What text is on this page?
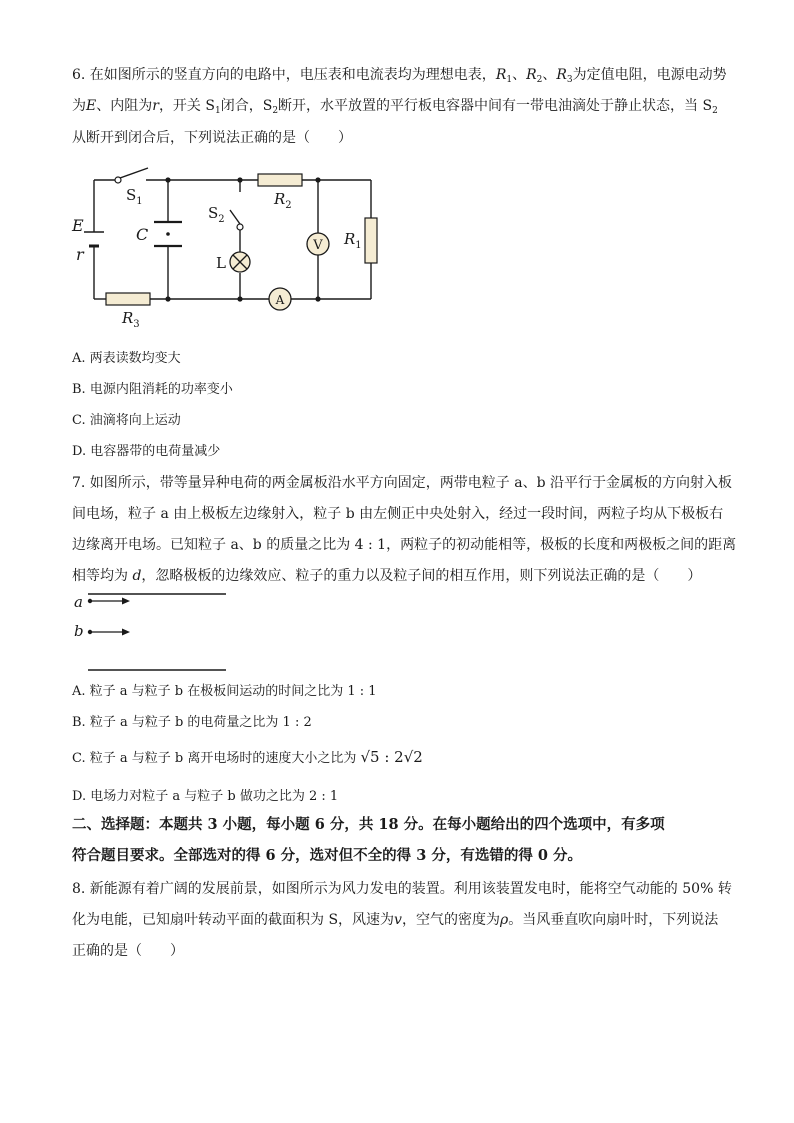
6. 在如图所示的竖直方向的电路中，电压表和电流表均为理想电表，$R_1$、$R_2$、$R_3$为定值电阻，电源电动势
为E、内阻为r，开关 $S_1$闭合，$S_2$断开，水平放置的平行板电容器中间有一带电油滴处于静止状态，当 $S_2$
从断开到闭合后，下列说法正确的是（　　）
V
A
$S_1$
$S_2$
$R_2$
$R_1$
$R_3$
E
r
C
L
A. 两表读数均变大
B. 电源内阻消耗的功率变小
C. 油滴将向上运动
D. 电容器带的电荷量减少
7. 如图所示，带等量异种电荷的两金属板沿水平方向固定，两带电粒子 a、b 沿平行于金属板的方向射入板
间电场，粒子 a 由上极板左边缘射入，粒子 b 由左侧正中央处射入，经过一段时间，两粒子均从下极板右
边缘离开电场。已知粒子 a、b 的质量之比为 4 : 1，两粒子的初动能相等，极板的长度和两极板之间的距离
相等均为 d，忽略极板的边缘效应、粒子的重力以及粒子间的相互作用，则下列说法正确的是（　　）
a
b
A. 粒子 a 与粒子 b 在极板间运动的时间之比为 1 : 1
B. 粒子 a 与粒子 b 的电荷量之比为 1 : 2
C. 粒子 a 与粒子 b 离开电场时的速度大小之比为 √5 : 2√2
D. 电场力对粒子 a 与粒子 b 做功之比为 2 : 1
二、选择题：本题共 3 小题，每小题 6 分，共 18 分。在每小题给出的四个选项中，有多项
符合题目要求。全部选对的得 6 分，选对但不全的得 3 分，有选错的得 0 分。
8. 新能源有着广阔的发展前景，如图所示为风力发电的装置。利用该装置发电时，能将空气动能的 50% 转
化为电能，已知扇叶转动平面的截面积为 S，风速为v，空气的密度为ρ。当风垂直吹向扇叶时，下列说法
正确的是（　　）
